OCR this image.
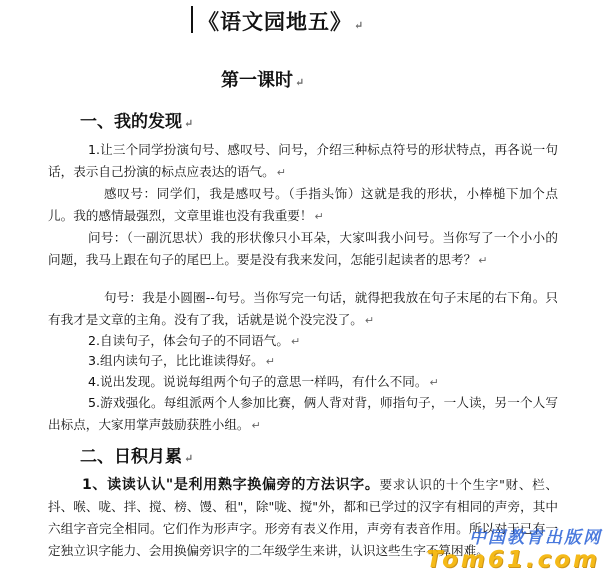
《语文园地五》 ↵
第一课时 ↵
一、我的发现 ↵

1.让三个同学扮演句号、感叹号、问号，介绍三种标点符号的形状特点，再各说一句话，表示自己扮演的标点应表达的语气。 ↵

感叹号：同学们，我是感叹号。（手指头饰）这就是我的形状，小棒槌下加个点儿。我的感情最强烈，文章里谁也没有我重要！ ↵

问号：（一副沉思状）我的形状像只小耳朵，大家叫我小问号。当你写了一个小小的问题，我马上跟在句子的尾巴上。要是没有我来发问，怎能引起读者的思考？ ↵

句号：我是小圆圈--句号。当你写完一句话，就得把我放在句子末尾的右下角。只有我才是文章的主角。没有了我，话就是说个没完没了。 ↵

2.自读句子，体会句子的不同语气。 ↵

3.组内读句子，比比谁读得好。 ↵

4.说出发现。说说每组两个句子的意思一样吗，有什么不同。 ↵

5.游戏强化。每组派两个人参加比赛，俩人背对背，师指句子，一人读，另一个人写出标点，大家用掌声鼓励获胜小组。 ↵

二、日积月累 ↵

1、读读认认"是利用熟字换偏旁的方法识字。要求认识的十个生字"财、栏、抖、喉、咙、拌、搅、榜、馒、租"，除"咙、搅"外，都和已学过的汉字有相同的声旁，其中六组字音完全相同。它们作为形声字。形旁有表义作用，声旁有表音作用。所以对于已有一定独立识字能力、会用换偏旁识字的二年级学生来讲，认识这些生字不算困难。

中国教育出版网
Tom61.com
